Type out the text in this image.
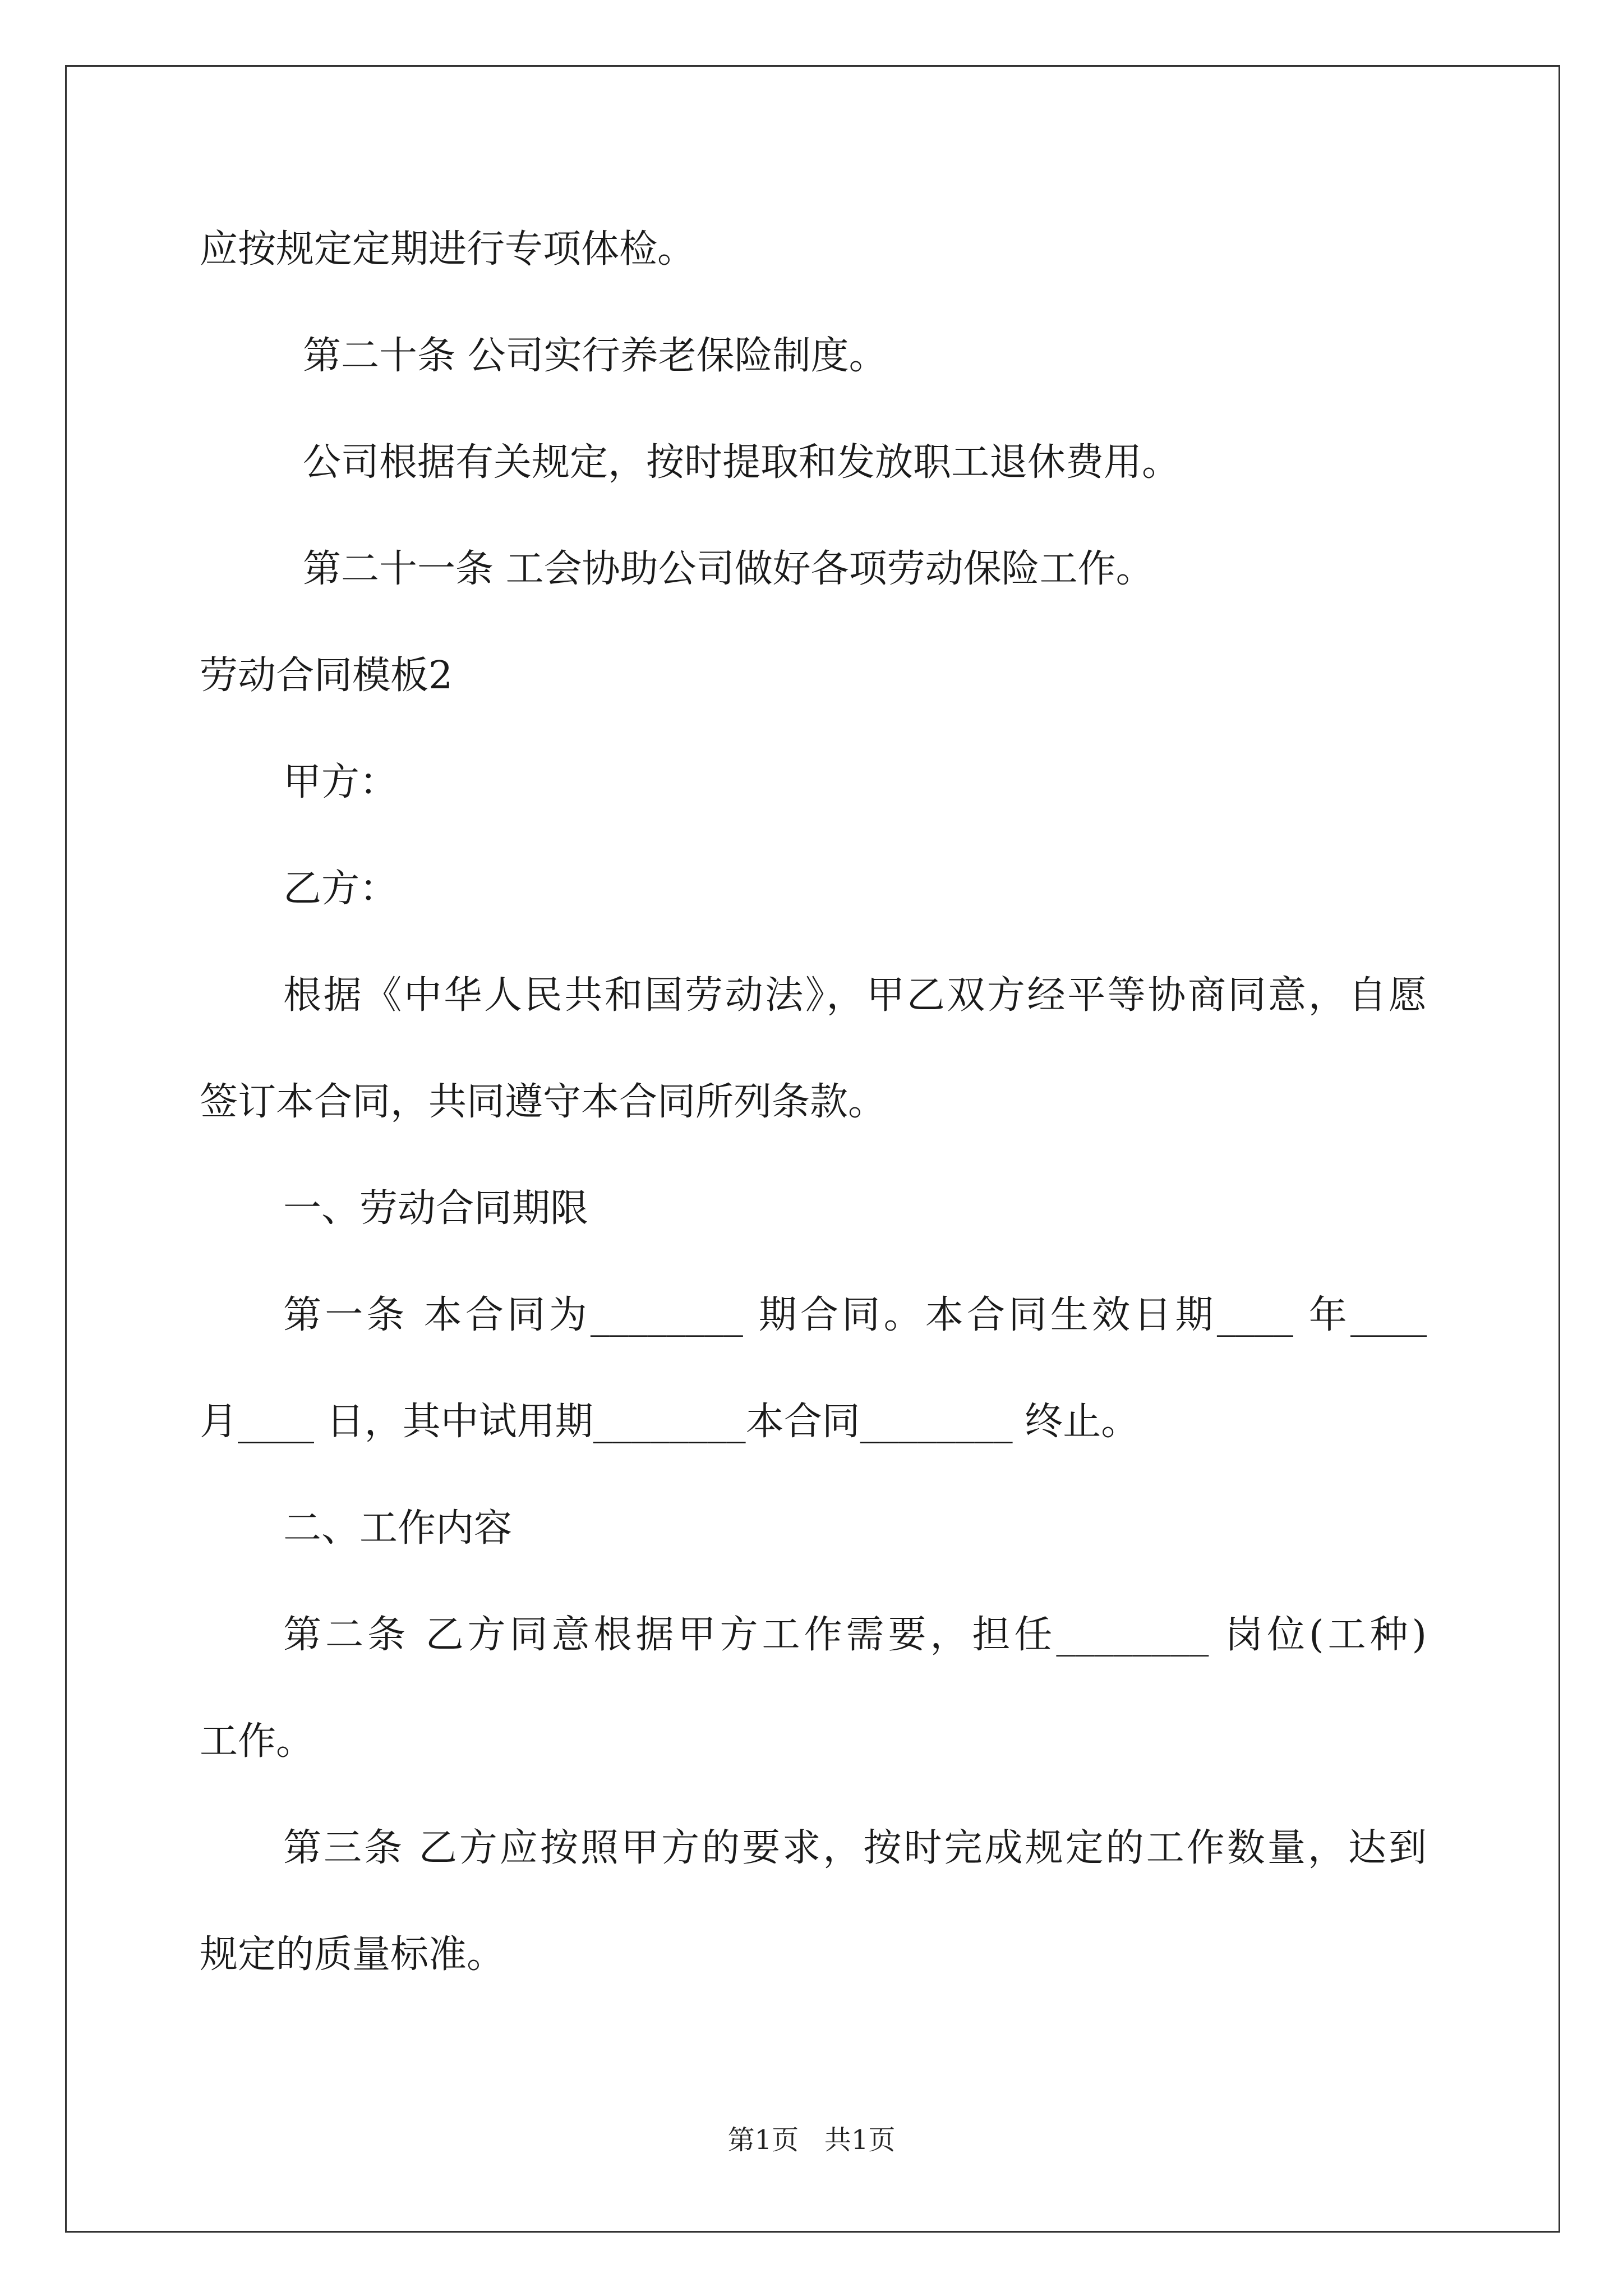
应按规定定期进行专项体检。
第二十条 公司实行养老保险制度。
公司根据有关规定，按时提取和发放职工退休费用。
第二十一条 工会协助公司做好各项劳动保险工作。
劳动合同模板2
甲方：
乙方：
根据《中华人民共和国劳动法》，甲乙双方经平等协商同意，自愿
签订本合同，共同遵守本合同所列条款。
一、劳动合同期限
第一条 本合同为________ 期合同。本合同生效日期____ 年____
月____ 日，其中试用期________本合同________ 终止。
二、工作内容
第二条 乙方同意根据甲方工作需要，担任________ 岗位(工种)
工作。
第三条 乙方应按照甲方的要求，按时完成规定的工作数量，达到
规定的质量标准。
第1页   共1页
